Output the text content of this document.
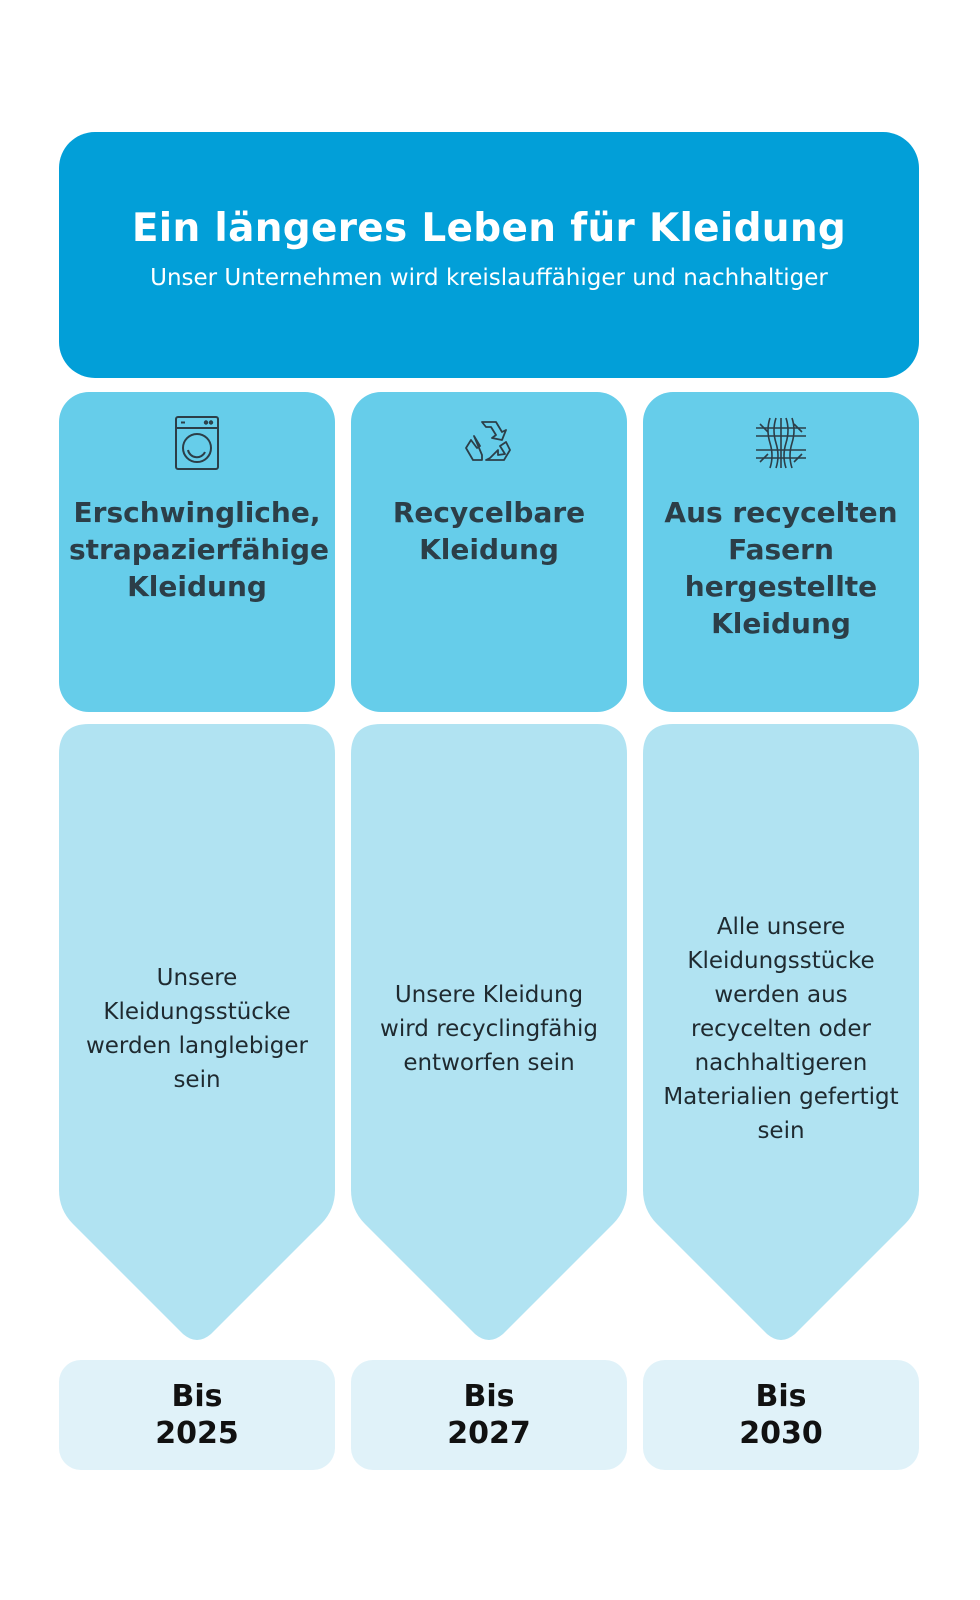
Ein längeres Leben für Kleidung
Unser Unternehmen wird kreislauffähiger und nachhaltiger
Erschwingliche, strapazierfähige Kleidung
Unsere Kleidungsstücke werden langlebiger sein
Bis
2025
Recycelbare Kleidung
Unsere Kleidung wird recyclingfähig entworfen sein
Bis
2027
Aus recycelten Fasern hergestellte Kleidung
Alle unsere Kleidungsstücke werden aus recycelten oder nachhaltigeren Materialien gefertigt sein
Bis
2030
